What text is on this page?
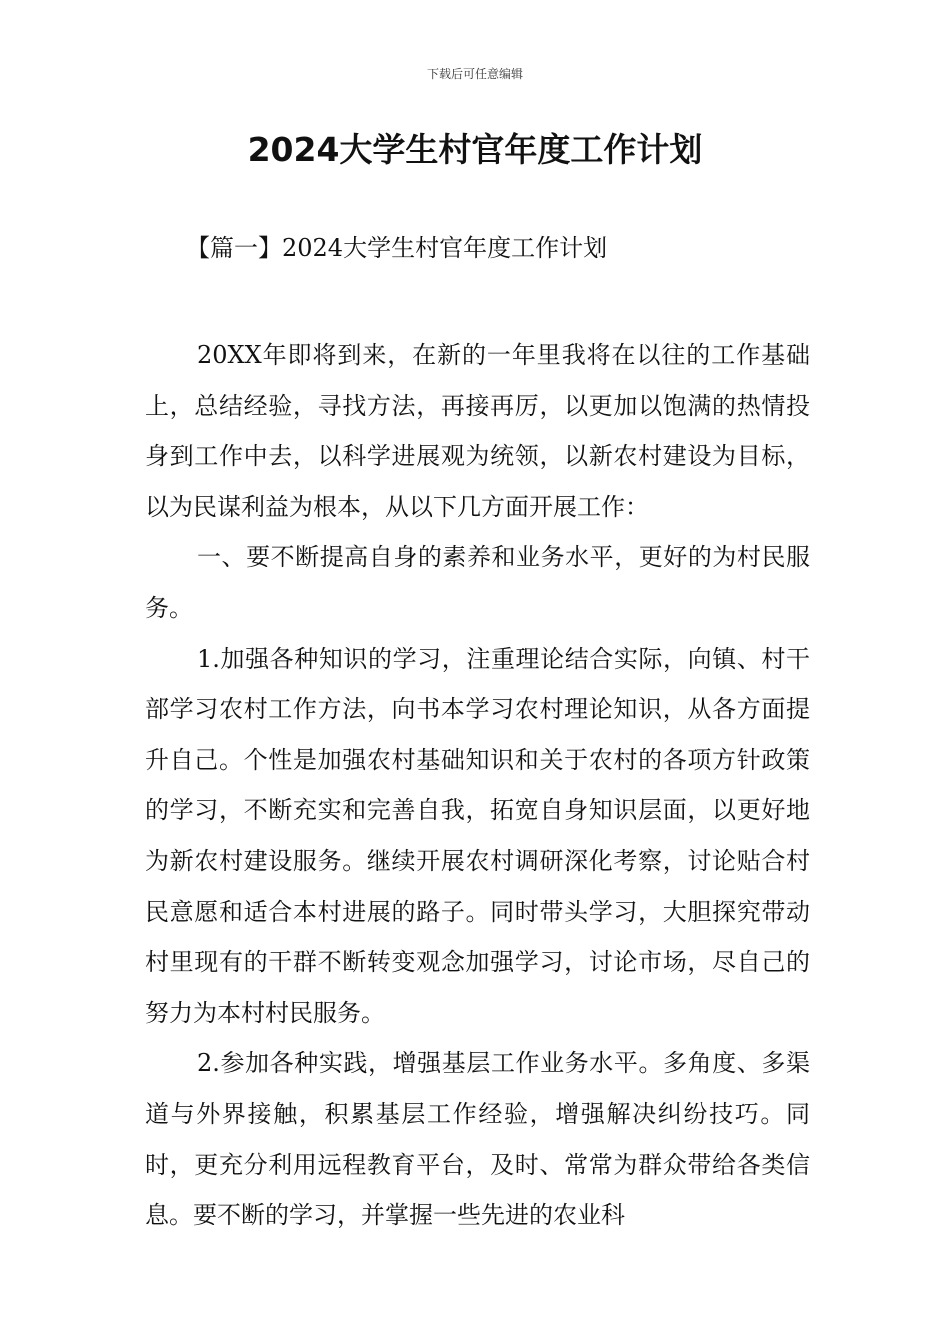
下载后可任意编辑
2024大学生村官年度工作计划
【篇一】2024大学生村官年度工作计划

20XX年即将到来，在新的一年里我将在以往的工作基础上，总结经验，寻找方法，再接再厉，以更加以饱满的热情投身到工作中去，以科学进展观为统领，以新农村建设为目标，以为民谋利益为根本，从以下几方面开展工作：

一、要不断提高自身的素养和业务水平，更好的为村民服务。

1.加强各种知识的学习，注重理论结合实际，向镇、村干部学习农村工作方法，向书本学习农村理论知识，从各方面提升自己。个性是加强农村基础知识和关于农村的各项方针政策的学习，不断充实和完善自我，拓宽自身知识层面，以更好地为新农村建设服务。继续开展农村调研深化考察，讨论贴合村民意愿和适合本村进展的路子。同时带头学习，大胆探究带动村里现有的干群不断转变观念加强学习，讨论市场，尽自己的努力为本村村民服务。

2.参加各种实践，增强基层工作业务水平。多角度、多渠道与外界接触，积累基层工作经验，增强解决纠纷技巧。同时，更充分利用远程教育平台，及时、常常为群众带给各类信息。要不断的学习，并掌握一些先进的农业科
